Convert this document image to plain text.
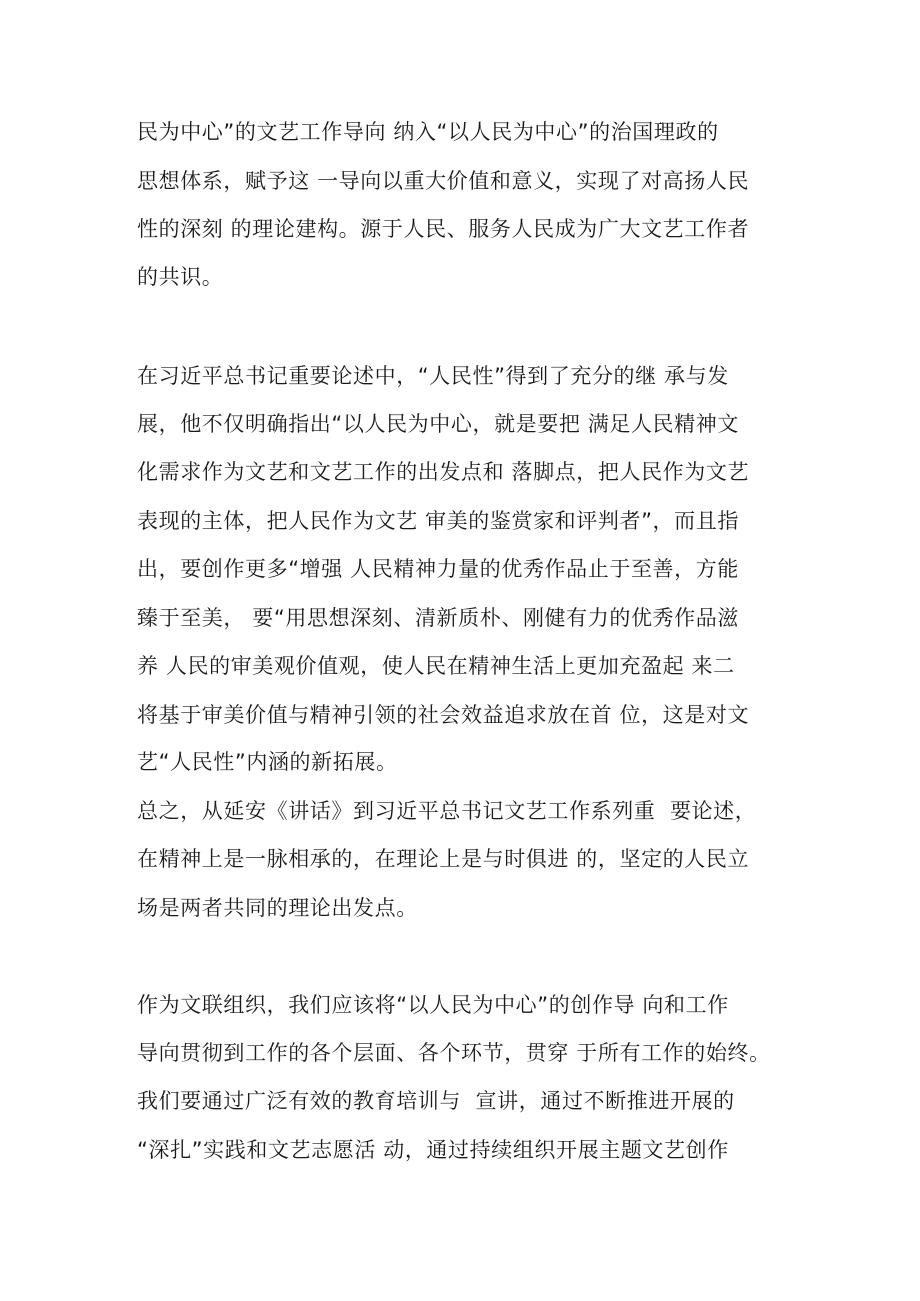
民为中心”的文艺工作导向 纳入“以人民为中心”的治国理政的

思想体系，赋予这 一导向以重大价值和意义，实现了对高扬人民

性的深刻 的理论建构。源于人民、服务人民成为广大文艺工作者

的共识。

在习近平总书记重要论述中，“人民性”得到了充分的继 承与发

展，他不仅明确指出“以人民为中心，就是要把 满足人民精神文

化需求作为文艺和文艺工作的出发点和 落脚点，把人民作为文艺

表现的主体，把人民作为文艺 审美的鉴赏家和评判者”，而且指

出，要创作更多“增强 人民精神力量的优秀作品止于至善，方能

臻于至美， 要“用思想深刻、清新质朴、刚健有力的优秀作品滋

养 人民的审美观价值观，使人民在精神生活上更加充盈起 来二

将基于审美价值与精神引领的社会效益追求放在首 位，这是对文

艺“人民性”内涵的新拓展。

总之，从延安《讲话》到习近平总书记文艺工作系列重  要论述，

在精神上是一脉相承的，在理论上是与时俱进 的，坚定的人民立

场是两者共同的理论出发点。

作为文联组织，我们应该将“以人民为中心”的创作导 向和工作

导向贯彻到工作的各个层面、各个环节，贯穿 于所有工作的始终。

我们要通过广泛有效的教育培训与  宣讲，通过不断推进开展的

“深扎”实践和文艺志愿活 动，通过持续组织开展主题文艺创作
